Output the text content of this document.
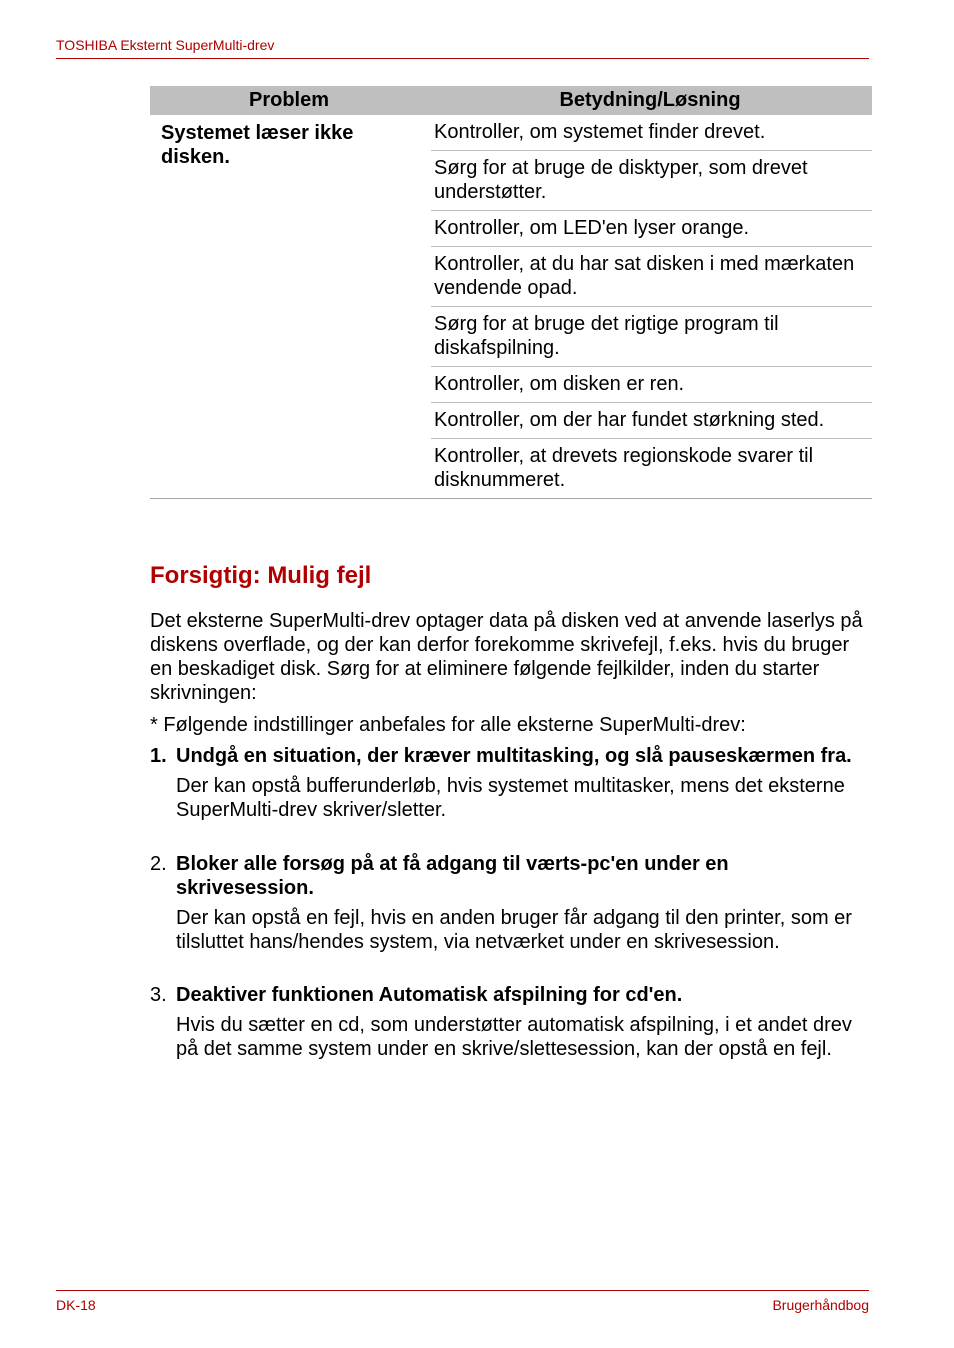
TOSHIBA Eksternt SuperMulti-drev
Problem	Betydning/Løsning
Systemet læser ikke disken.
Kontroller, om systemet finder drevet.
Sørg for at bruge de disktyper, som drevet understøtter.
Kontroller, om LED'en lyser orange.
Kontroller, at du har sat disken i med mærkaten vendende opad.
Sørg for at bruge det rigtige program til diskafspilning.
Kontroller, om disken er ren.
Kontroller, om der har fundet størkning sted.
Kontroller, at drevets regionskode svarer til disknummeret.
Forsigtig: Mulig fejl
Det eksterne SuperMulti-drev optager data på disken ved at anvende laserlys på diskens overflade, og der kan derfor forekomme skrivefejl, f.eks. hvis du bruger en beskadiget disk. Sørg for at eliminere følgende fejlkilder, inden du starter skrivningen:
* Følgende indstillinger anbefales for alle eksterne SuperMulti-drev:
1. Undgå en situation, der kræver multitasking, og slå pauseskærmen fra.
Der kan opstå bufferunderløb, hvis systemet multitasker, mens det eksterne SuperMulti-drev skriver/sletter.
2. Bloker alle forsøg på at få adgang til værts-pc'en under en skrivesession.
Der kan opstå en fejl, hvis en anden bruger får adgang til den printer, som er tilsluttet hans/hendes system, via netværket under en skrivesession.
3. Deaktiver funktionen Automatisk afspilning for cd'en.
Hvis du sætter en cd, som understøtter automatisk afspilning, i et andet drev på det samme system under en skrive/slettesession, kan der opstå en fejl.
DK-18	Brugerhåndbog
